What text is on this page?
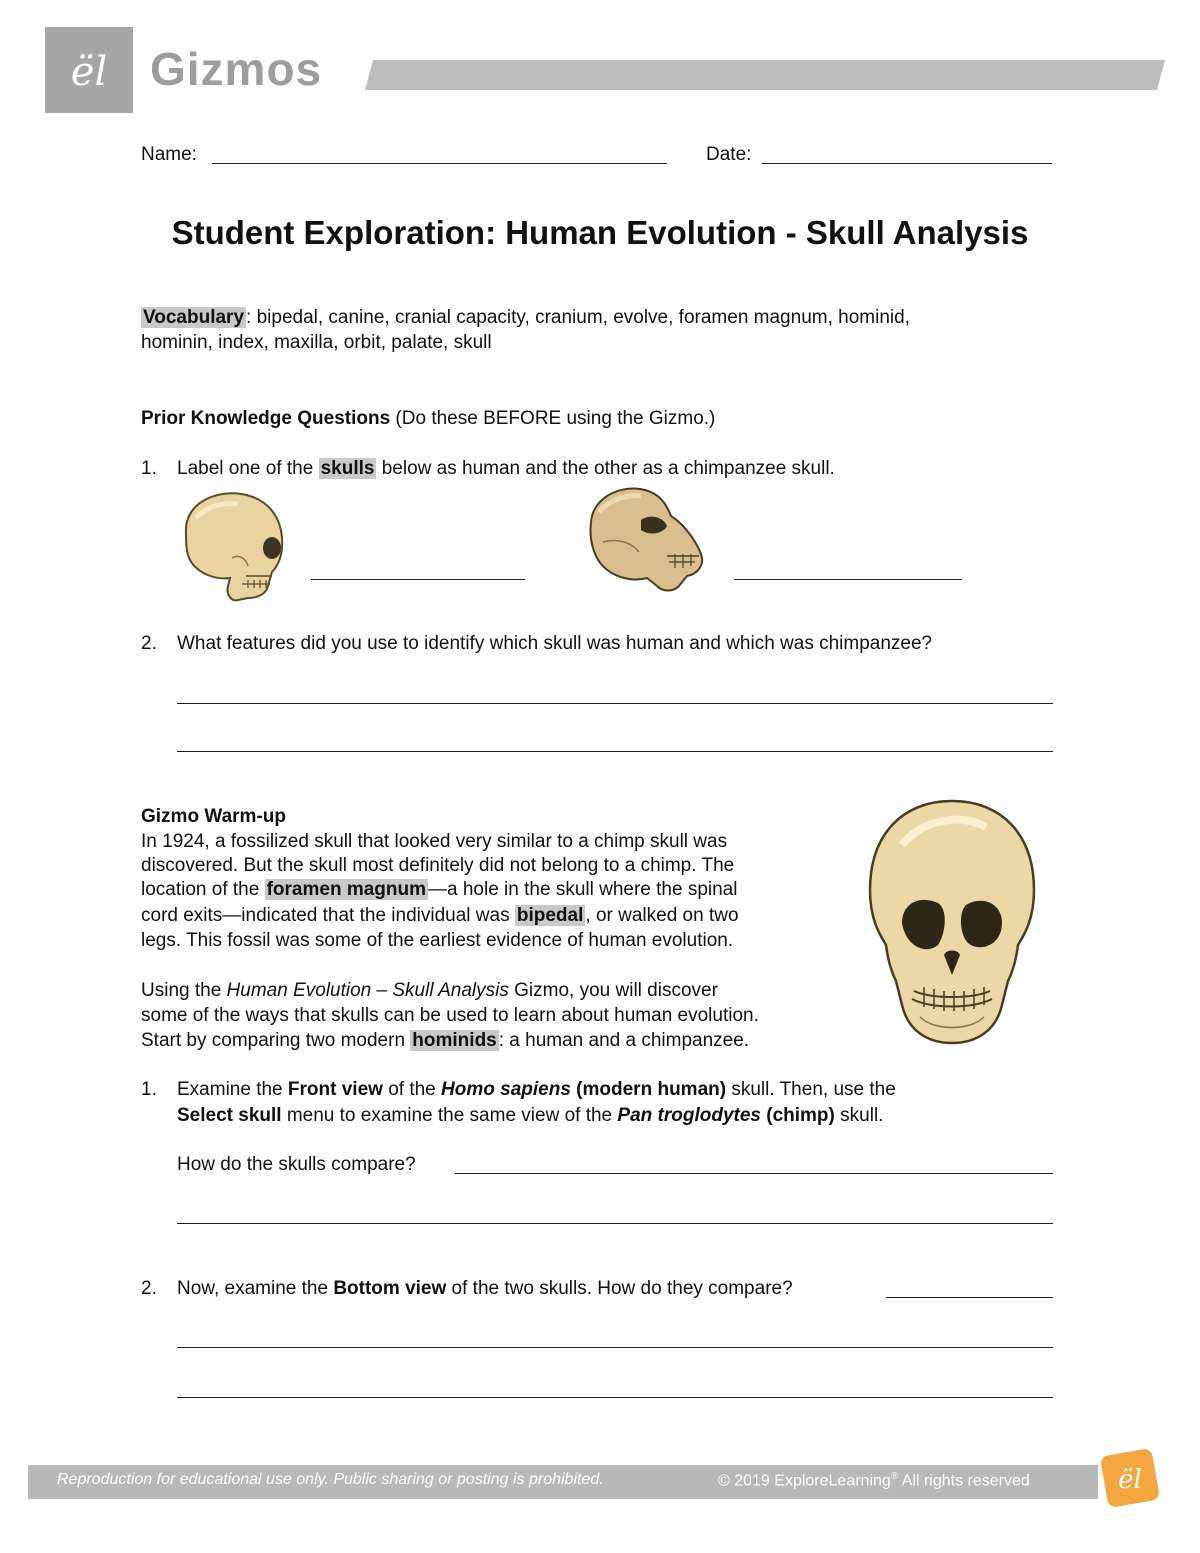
ël Gizmos
Name:	Date:
Student Exploration: Human Evolution - Skull Analysis
Vocabulary : bipedal, canine, cranial capacity, cranium, evolve, foramen magnum, hominid,
hominin, index, maxilla, orbit, palate, skull
Prior Knowledge Questions (Do these BEFORE using the Gizmo.)
1. Label one of the skulls below as human and the other as a chimpanzee skull.
2. What features did you use to identify which skull was human and which was chimpanzee?
Gizmo Warm-up
In 1924, a fossilized skull that looked very similar to a chimp skull was
discovered. But the skull most definitely did not belong to a chimp. The
location of the foramen magnum —a hole in the skull where the spinal
cord exits—indicated that the individual was bipedal , or walked on two
legs. This fossil was some of the earliest evidence of human evolution.
Using the Human Evolution – Skull Analysis Gizmo, you will discover
some of the ways that skulls can be used to learn about human evolution.
Start by comparing two modern hominids : a human and a chimpanzee.
1. Examine the Front view of the Homo sapiens (modern human) skull. Then, use the
Select skull menu to examine the same view of the Pan troglodytes (chimp) skull.
How do the skulls compare?
2. Now, examine the Bottom view of the two skulls. How do they compare?
Reproduction for educational use only. Public sharing or posting is prohibited.	© 2019 ExploreLearning® All rights reserved	ël
